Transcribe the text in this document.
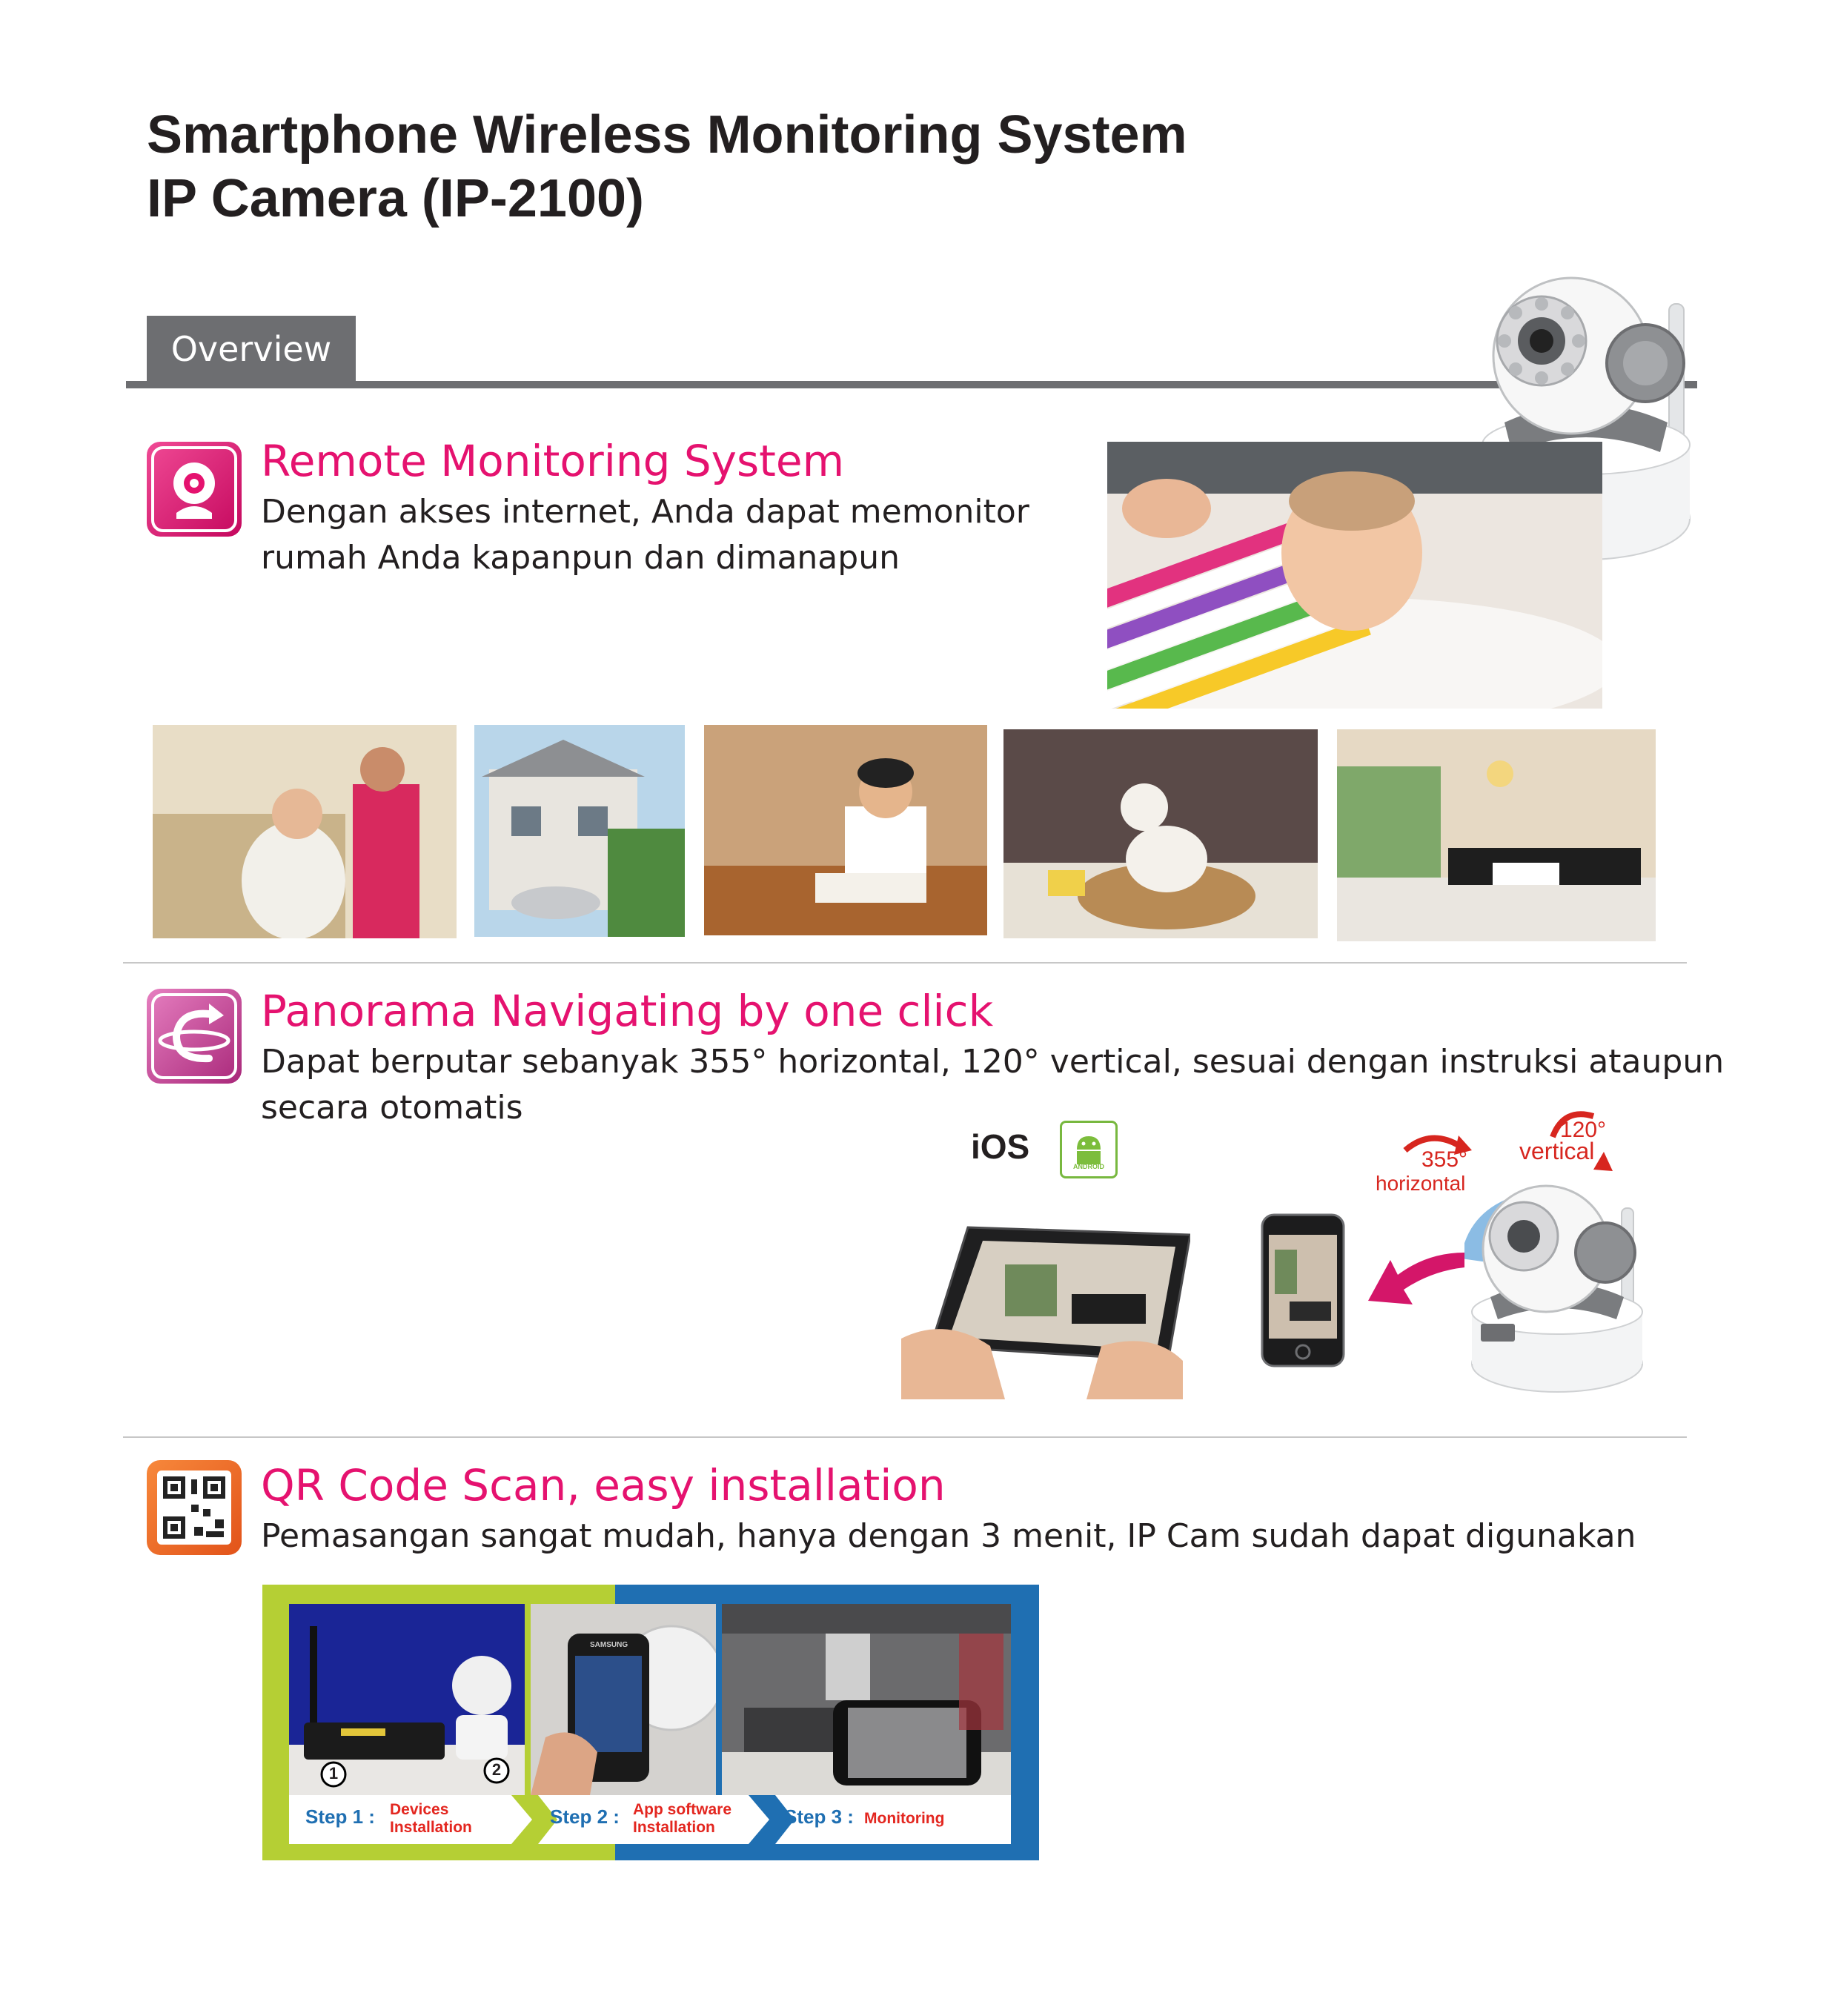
Smartphone Wireless Monitoring System
IP Camera (IP-2100)
Overview
Remote Monitoring System
Dengan akses internet, Anda dapat memonitor
rumah Anda kapanpun dan dimanapun
Panorama Navigating by one click
Dapat berputar sebanyak 355° horizontal, 120° vertical, sesuai dengan instruksi ataupun
secara otomatis
iOS
ANDROID	355°
horizontal
120°
vertical
QR Code Scan, easy installation
Pemasangan sangat mudah, hanya dengan 3 menit, IP Cam sudah dapat digunakan
1	2
SAMSUNG
Step 1 : Devices
Installation	Step 2 : App software
Installation	Step 3 : Monitoring
